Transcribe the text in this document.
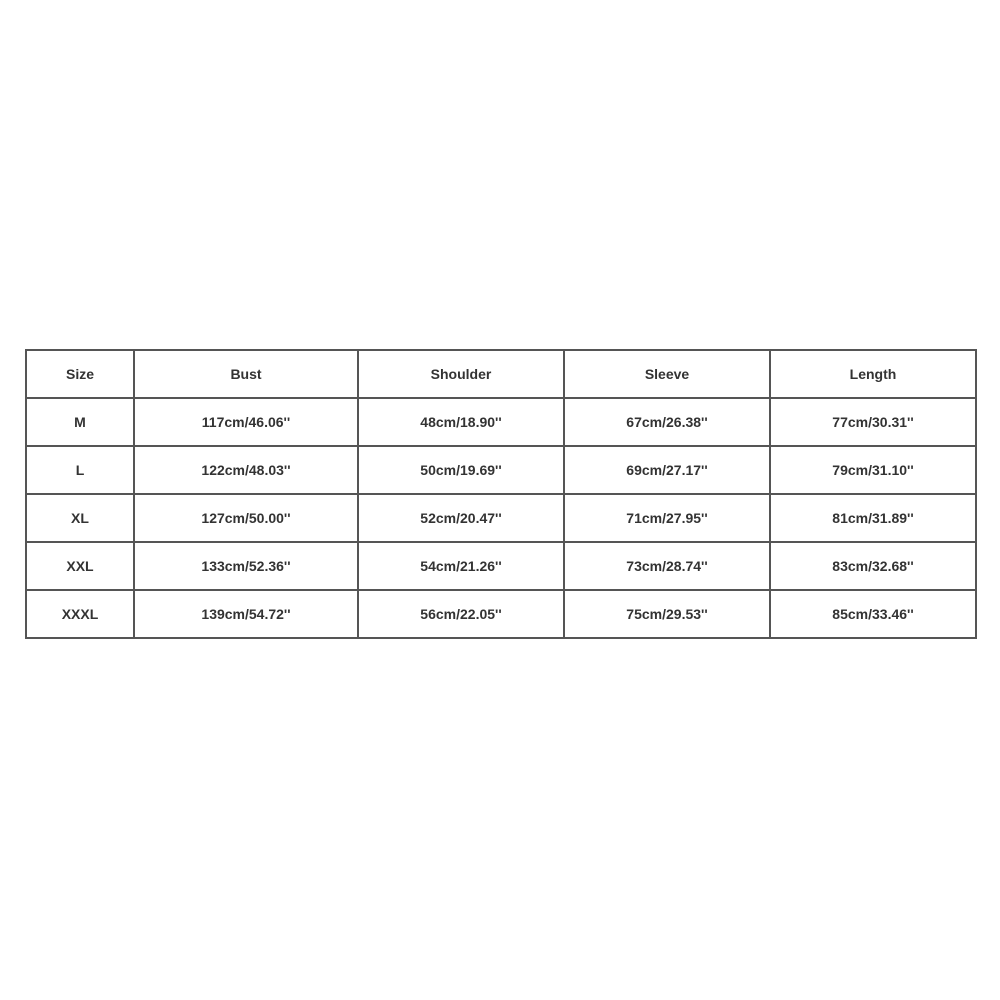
Size	Bust	Shoulder	Sleeve	Length
M	117cm/46.06''	48cm/18.90''	67cm/26.38''	77cm/30.31''
L	122cm/48.03''	50cm/19.69''	69cm/27.17''	79cm/31.10''
XL	127cm/50.00''	52cm/20.47''	71cm/27.95''	81cm/31.89''
XXL	133cm/52.36''	54cm/21.26''	73cm/28.74''	83cm/32.68''
XXXL	139cm/54.72''	56cm/22.05''	75cm/29.53''	85cm/33.46''
